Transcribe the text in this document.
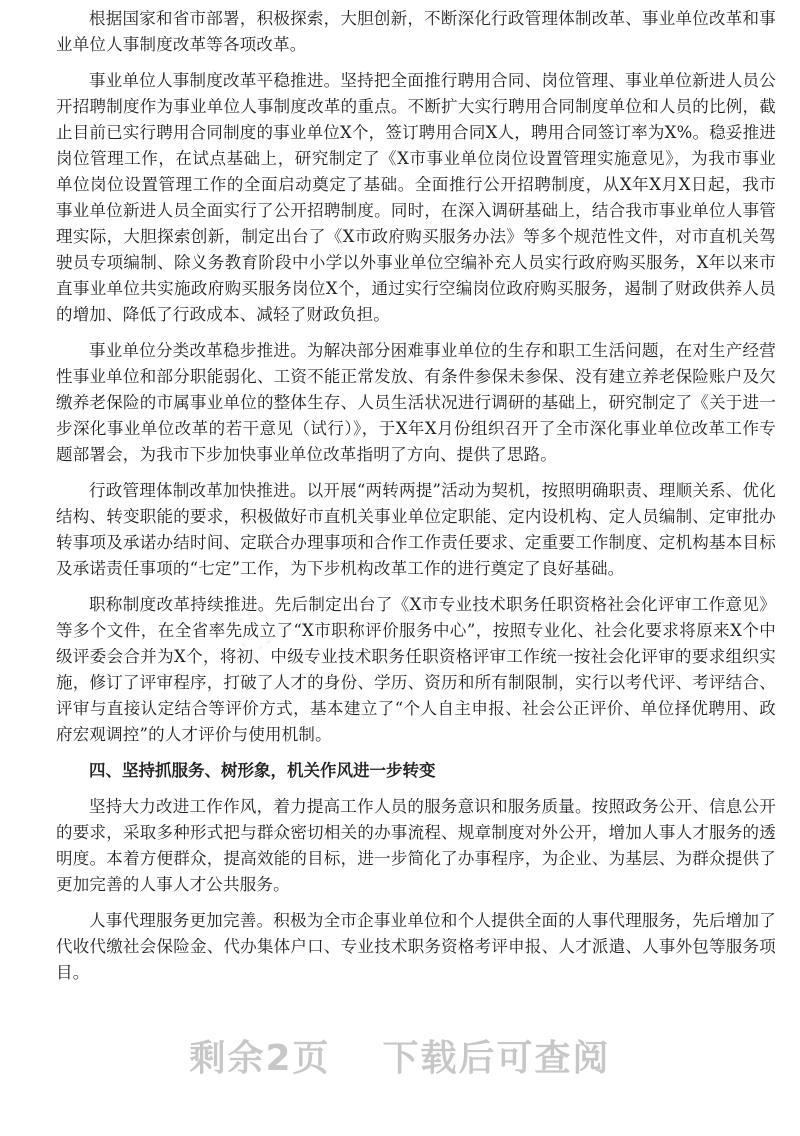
根据国家和省市部署，积极探索，大胆创新，不断深化行政管理体制改革、事业单位改革和事业单位人事制度改革等各项改革。

事业单位人事制度改革平稳推进。坚持把全面推行聘用合同、岗位管理、事业单位新进人员公开招聘制度作为事业单位人事制度改革的重点。不断扩大实行聘用合同制度单位和人员的比例，截止目前已实行聘用合同制度的事业单位X个，签订聘用合同X人，聘用合同签订率为X%。稳妥推进岗位管理工作，在试点基础上，研究制定了《X市事业单位岗位设置管理实施意见》，为我市事业单位岗位设置管理工作的全面启动奠定了基础。全面推行公开招聘制度，从X年X月X日起，我市事业单位新进人员全面实行了公开招聘制度。同时，在深入调研基础上，结合我市事业单位人事管理实际，大胆探索创新，制定出台了《X市政府购买服务办法》等多个规范性文件，对市直机关驾驶员专项编制、除义务教育阶段中小学以外事业单位空编补充人员实行政府购买服务，X年以来市直事业单位共实施政府购买服务岗位X个，通过实行空编岗位政府购买服务，遏制了财政供养人员的增加、降低了行政成本、减轻了财政负担。

事业单位分类改革稳步推进。为解决部分困难事业单位的生存和职工生活问题，在对生产经营性事业单位和部分职能弱化、工资不能正常发放、有条件参保未参保、没有建立养老保险账户及欠缴养老保险的市属事业单位的整体生存、人员生活状况进行调研的基础上，研究制定了《关于进一步深化事业单位改革的若干意见（试行）》，于X年X月份组织召开了全市深化事业单位改革工作专题部署会，为我市下步加快事业单位改革指明了方向、提供了思路。

行政管理体制改革加快推进。以开展“两转两提”活动为契机，按照明确职责、理顺关系、优化结构、转变职能的要求，积极做好市直机关事业单位定职能、定内设机构、定人员编制、定审批办转事项及承诺办结时间、定联合办理事项和合作工作责任要求、定重要工作制度、定机构基本目标及承诺责任事项的“七定”工作，为下步机构改革工作的进行奠定了良好基础。

职称制度改革持续推进。先后制定出台了《X市专业技术职务任职资格社会化评审工作意见》等多个文件，在全省率先成立了“X市职称评价服务中心”，按照专业化、社会化要求将原来X个中级评委会合并为X个，将初、中级专业技术职务任职资格评审工作统一按社会化评审的要求组织实施，修订了评审程序，打破了人才的身份、学历、资历和所有制限制，实行以考代评、考评结合、评审与直接认定结合等评价方式，基本建立了“个人自主申报、社会公正评价、单位择优聘用、政府宏观调控”的人才评价与使用机制。

四、坚持抓服务、树形象，机关作风进一步转变

坚持大力改进工作作风，着力提高工作人员的服务意识和服务质量。按照政务公开、信息公开的要求，采取多种形式把与群众密切相关的办事流程、规章制度对外公开，增加人事人才服务的透明度。本着方便群众，提高效能的目标，进一步简化了办事程序，为企业、为基层、为群众提供了更加完善的人事人才公共服务。

人事代理服务更加完善。积极为全市企事业单位和个人提供全面的人事代理服务，先后增加了代收代缴社会保险金、代办集体户口、专业技术职务资格考评申报、人才派遣、人事外包等服务项目。

剩余2页 下载后可查阅
